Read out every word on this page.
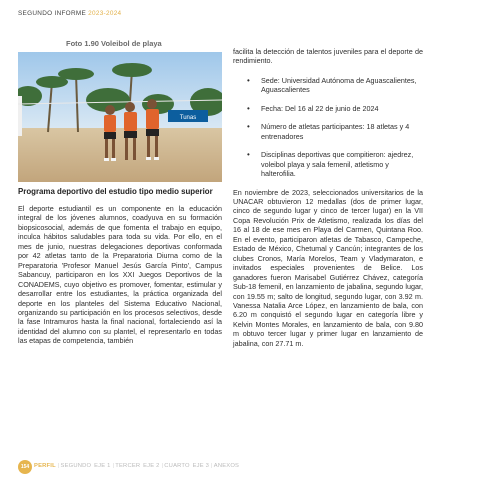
SEGUNDO INFORME 2023-2024
Foto 1.90 Voleibol de playa
Tunas
Programa deportivo del estudio tipo medio superior

El deporte estudiantil es un componente en la educación integral de los jóvenes alumnos, coadyuva en su formación biopsicosocial, además de que fomenta el trabajo en equipo, inculca hábitos saludables para toda su vida. Por ello, en el mes de junio, nuestras delegaciones deportivas conformada por 42 atletas tanto de la Preparatoria Diurna como de la Preparatoria 'Profesor Manuel Jesús García Pinto', Campus Sabancuy, participaron en los XXI Juegos Deportivos de la CONADEMS, cuyo objetivo es promover, fomentar, estimular y desarrollar entre los estudiantes, la práctica organizada del deporte en los planteles del Sistema Educativo Nacional, organizando su participación en los procesos selectivos, desde la fase Intramuros hasta la final nacional, fortaleciendo así la identidad del alumno con su plantel, el representarlo en todas las etapas de competencia, también

facilita la detección de talentos juveniles para el deporte de rendimiento.

• Sede: Universidad Autónoma de Aguascalientes, Aguascalientes
• Fecha: Del 16 al 22 de junio de 2024
• Número de atletas participantes: 18 atletas y 4 entrenadores
• Disciplinas deportivas que compitieron: ajedrez, voleibol playa y sala femenil, atletismo y halterofilia.

En noviembre de 2023, seleccionados universitarios de la UNACAR obtuvieron 12 medallas (dos de primer lugar, cinco de segundo lugar y cinco de tercer lugar) en la VII Copa Revolución Prix de Atletismo, realizada los días del 16 al 18 de ese mes en Playa del Carmen, Quintana Roo. En el evento, participaron atletas de Tabasco, Campeche, Estado de México, Chetumal y Cancún; integrantes de los clubes Cronos, María Morelos, Team y Vladymaraton, e invitados especiales provenientes de Belice. Los ganadores fueron Marisabel Gutiérrez Chávez, categoría Sub-18 femenil, en lanzamiento de jabalina, segundo lugar, con 19.55 m; salto de longitud, segundo lugar, con 3.92 m. Vanessa Natalia Arce López, en lanzamiento de bala, con 6.20 m conquistó el segundo lugar en categoría libre y Kelvin Montes Morales, en lanzamiento de bala, con 9.80 m obtuvo tercer lugar y primer lugar en lanzamiento de jabalina, con 27.71 m.

154 PERFIL |SEGUNDO EJE 1 |TERCER EJE 2 |CUARTO EJE 3 |ANEXOS
